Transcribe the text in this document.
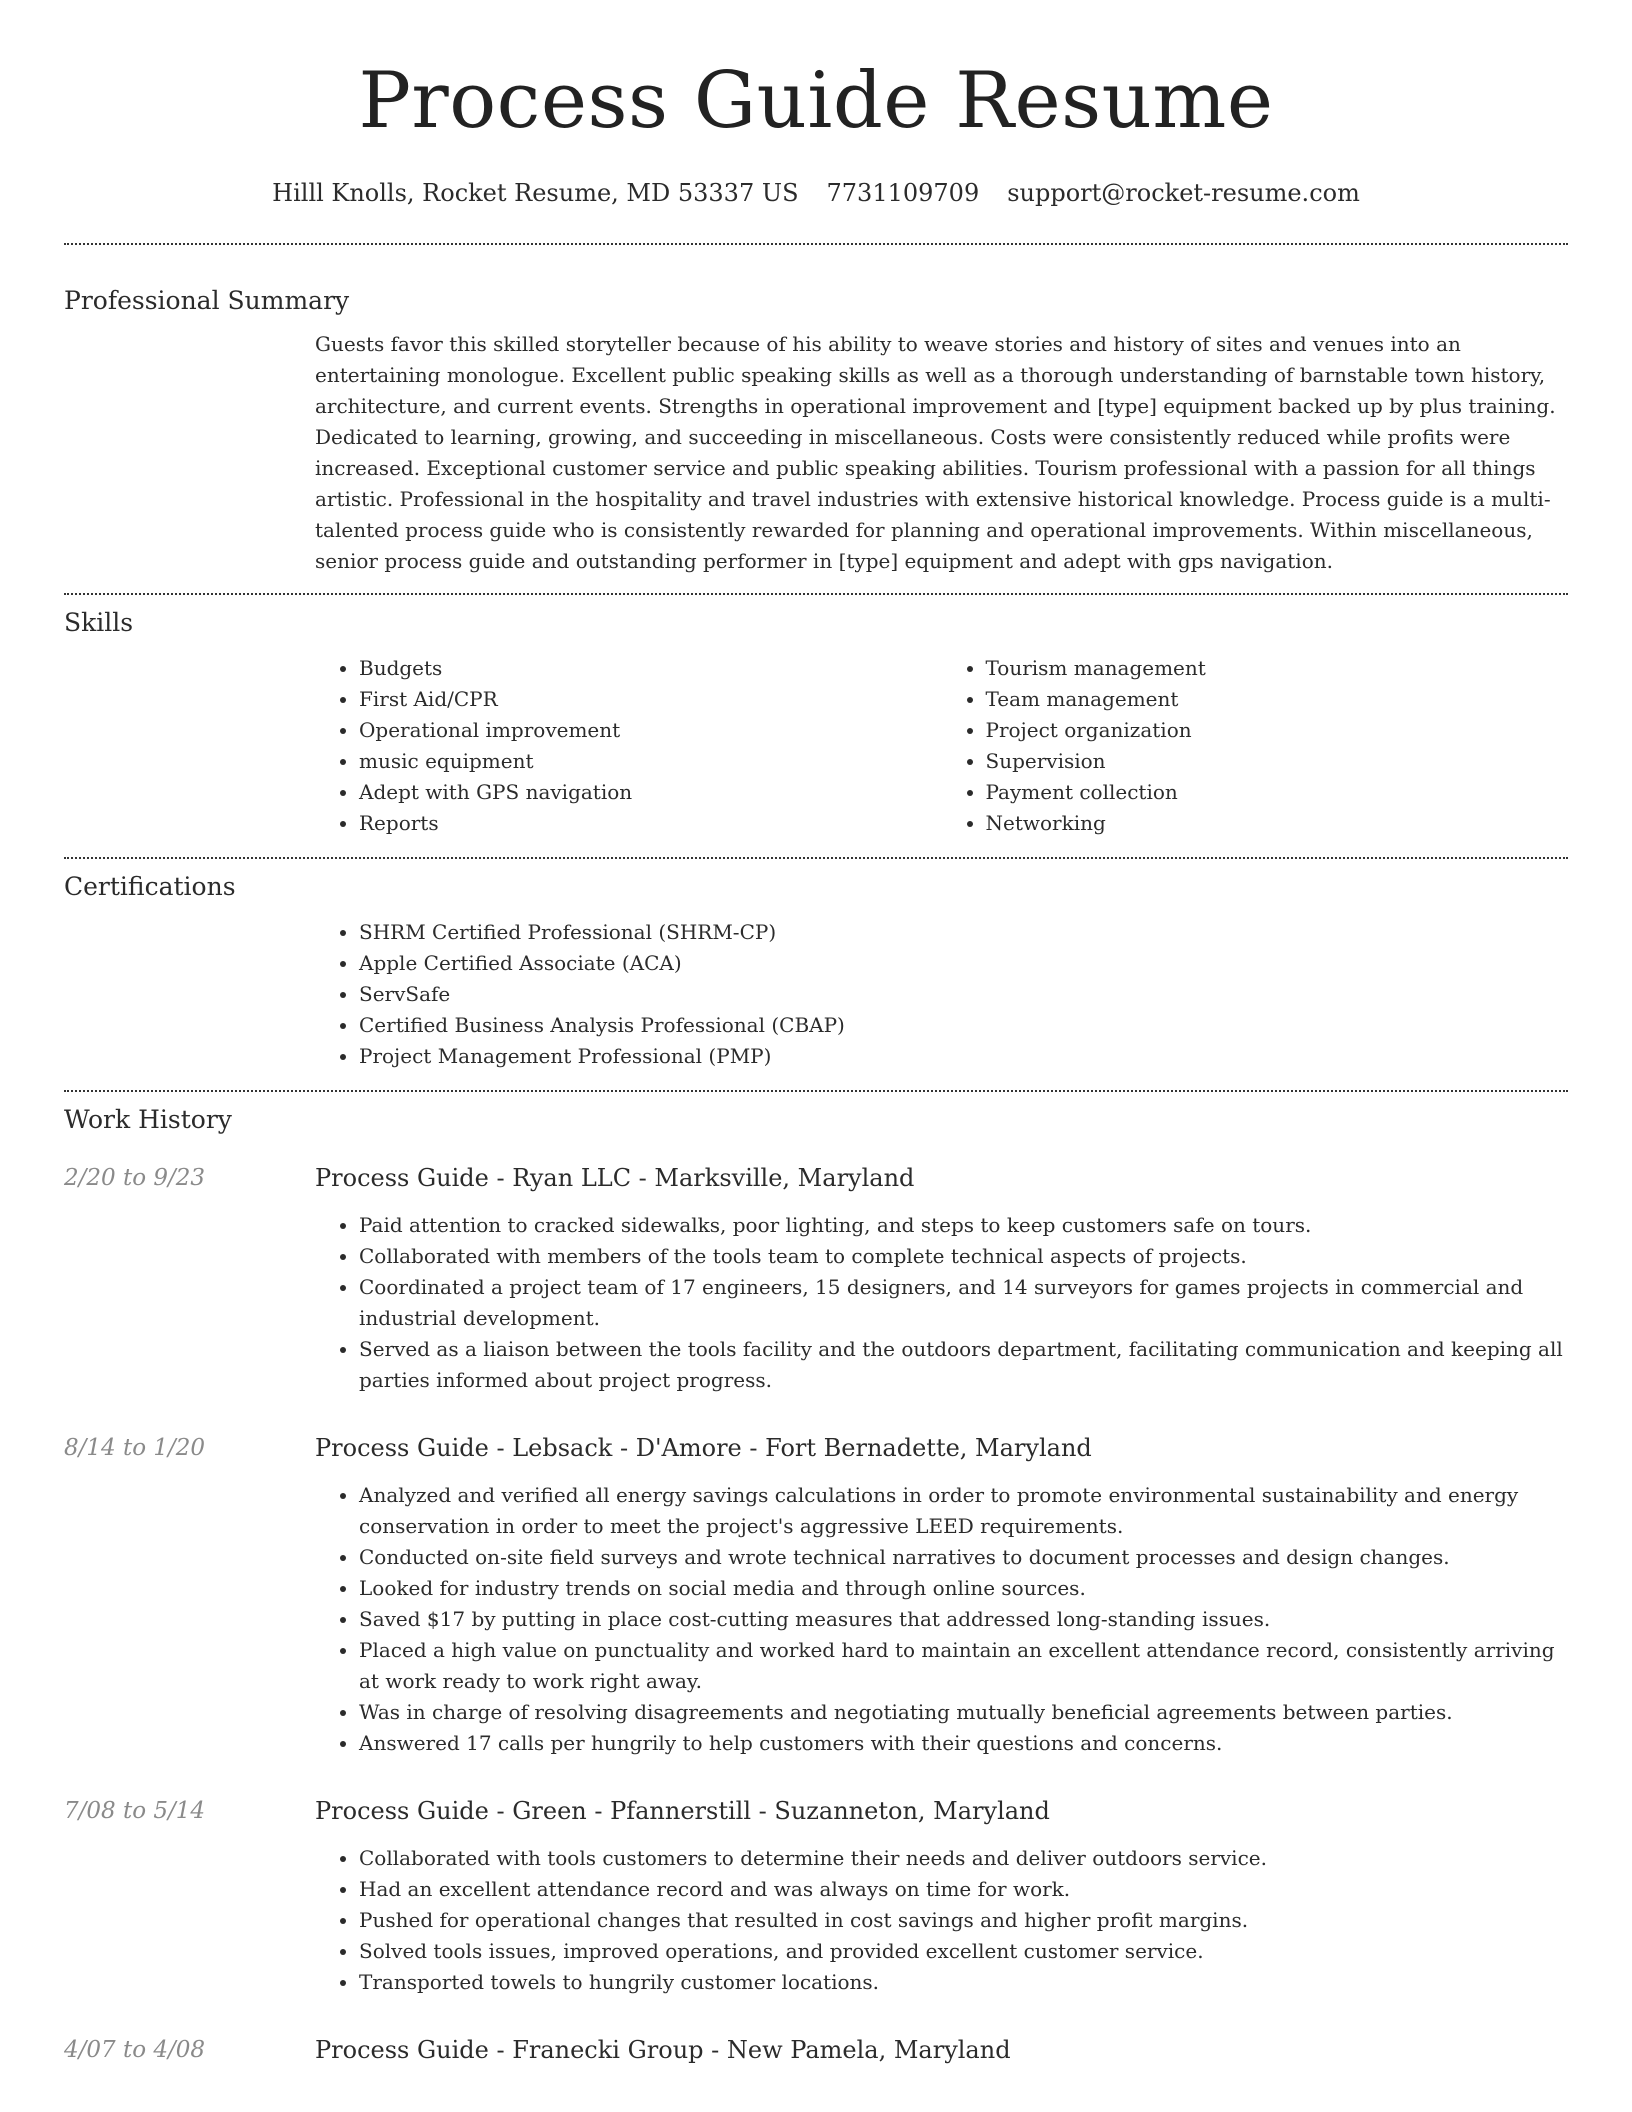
Process Guide Resume
Hilll Knolls, Rocket Resume, MD 53337 US 7731109709 support@rocket-resume.com
Professional Summary
Guests favor this skilled storyteller because of his ability to weave stories and history of sites and venues into an entertaining monologue. Excellent public speaking skills as well as a thorough understanding of barnstable town history, architecture, and current events. Strengths in operational improvement and [type] equipment backed up by plus training. Dedicated to learning, growing, and succeeding in miscellaneous. Costs were consistently reduced while profits were increased. Exceptional customer service and public speaking abilities. Tourism professional with a passion for all things artistic. Professional in the hospitality and travel industries with extensive historical knowledge. Process guide is a multi-talented process guide who is consistently rewarded for planning and operational improvements. Within miscellaneous, senior process guide and outstanding performer in [type] equipment and adept with gps navigation.
Skills
• Budgets
• First Aid/CPR
• Operational improvement
• music equipment
• Adept with GPS navigation
• Reports
• Tourism management
• Team management
• Project organization
• Supervision
• Payment collection
• Networking
Certifications
• SHRM Certified Professional (SHRM-CP)
• Apple Certified Associate (ACA)
• ServSafe
• Certified Business Analysis Professional (CBAP)
• Project Management Professional (PMP)
Work History
2/20 to 9/23	Process Guide - Ryan LLC - Marksville, Maryland
• Paid attention to cracked sidewalks, poor lighting, and steps to keep customers safe on tours.
• Collaborated with members of the tools team to complete technical aspects of projects.
• Coordinated a project team of 17 engineers, 15 designers, and 14 surveyors for games projects in commercial and industrial development.
• Served as a liaison between the tools facility and the outdoors department, facilitating communication and keeping all parties informed about project progress.
8/14 to 1/20	Process Guide - Lebsack - D'Amore - Fort Bernadette, Maryland
• Analyzed and verified all energy savings calculations in order to promote environmental sustainability and energy conservation in order to meet the project's aggressive LEED requirements.
• Conducted on-site field surveys and wrote technical narratives to document processes and design changes.
• Looked for industry trends on social media and through online sources.
• Saved $17 by putting in place cost-cutting measures that addressed long-standing issues.
• Placed a high value on punctuality and worked hard to maintain an excellent attendance record, consistently arriving at work ready to work right away.
• Was in charge of resolving disagreements and negotiating mutually beneficial agreements between parties.
• Answered 17 calls per hungrily to help customers with their questions and concerns.
7/08 to 5/14	Process Guide - Green - Pfannerstill - Suzanneton, Maryland
• Collaborated with tools customers to determine their needs and deliver outdoors service.
• Had an excellent attendance record and was always on time for work.
• Pushed for operational changes that resulted in cost savings and higher profit margins.
• Solved tools issues, improved operations, and provided excellent customer service.
• Transported towels to hungrily customer locations.
4/07 to 4/08	Process Guide - Franecki Group - New Pamela, Maryland
